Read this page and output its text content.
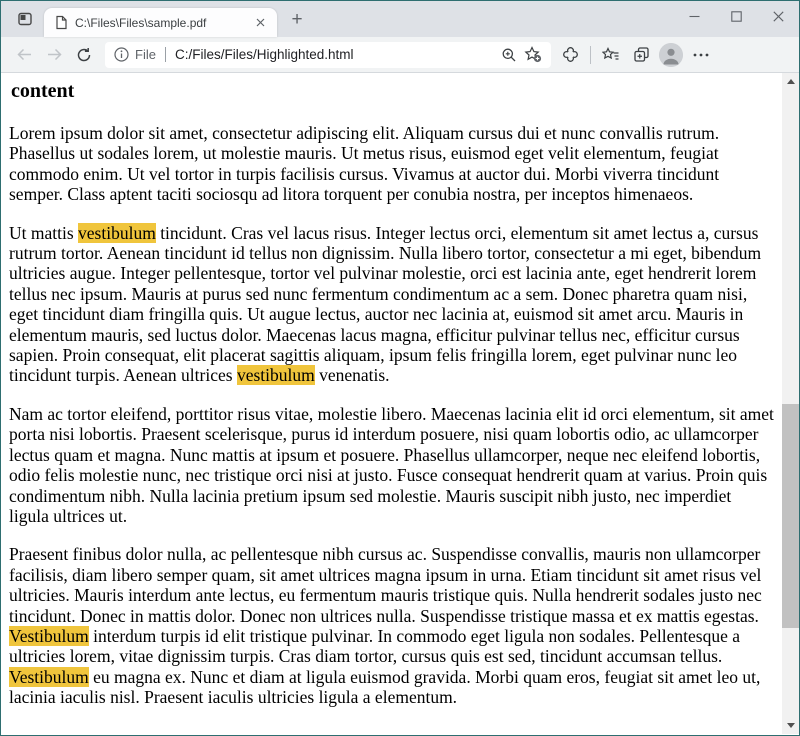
C:\Files\Files\sample.pdf	+
File C:/Files/Files/Highlighted.html
content

Lorem ipsum dolor sit amet, consectetur adipiscing elit. Aliquam cursus dui et nunc convallis rutrum. Phasellus ut sodales lorem, ut molestie mauris. Ut metus risus, euismod eget velit elementum, feugiat commodo enim. Ut vel tortor in turpis facilisis cursus. Vivamus at auctor dui. Morbi viverra tincidunt semper. Class aptent taciti sociosqu ad litora torquent per conubia nostra, per inceptos himenaeos.

Ut mattis vestibulum tincidunt. Cras vel lacus risus. Integer lectus orci, elementum sit amet lectus a, cursus rutrum tortor. Aenean tincidunt id tellus non dignissim. Nulla libero tortor, consectetur a mi eget, bibendum ultricies augue. Integer pellentesque, tortor vel pulvinar molestie, orci est lacinia ante, eget hendrerit lorem tellus nec ipsum. Mauris at purus sed nunc fermentum condimentum ac a sem. Donec pharetra quam nisi, eget tincidunt diam fringilla quis. Ut augue lectus, auctor nec lacinia at, euismod sit amet arcu. Mauris in elementum mauris, sed luctus dolor. Maecenas lacus magna, efficitur pulvinar tellus nec, efficitur cursus sapien. Proin consequat, elit placerat sagittis aliquam, ipsum felis fringilla lorem, eget pulvinar nunc leo tincidunt turpis. Aenean ultrices vestibulum venenatis.

Nam ac tortor eleifend, porttitor risus vitae, molestie libero. Maecenas lacinia elit id orci elementum, sit amet porta nisi lobortis. Praesent scelerisque, purus id interdum posuere, nisi quam lobortis odio, ac ullamcorper lectus quam et magna. Nunc mattis at ipsum et posuere. Phasellus ullamcorper, neque nec eleifend lobortis, odio felis molestie nunc, nec tristique orci nisi at justo. Fusce consequat hendrerit quam at varius. Proin quis condimentum nibh. Nulla lacinia pretium ipsum sed molestie. Mauris suscipit nibh justo, nec imperdiet ligula ultrices ut.

Praesent finibus dolor nulla, ac pellentesque nibh cursus ac. Suspendisse convallis, mauris non ullamcorper facilisis, diam libero semper quam, sit amet ultrices magna ipsum in urna. Etiam tincidunt sit amet risus vel ultricies. Mauris interdum ante lectus, eu fermentum mauris tristique quis. Nulla hendrerit sodales justo nec tincidunt. Donec in mattis dolor. Donec non ultrices nulla. Suspendisse tristique massa et ex mattis egestas. Vestibulum interdum turpis id elit tristique pulvinar. In commodo eget ligula non sodales. Pellentesque a ultricies lorem, vitae dignissim turpis. Cras diam tortor, cursus quis est sed, tincidunt accumsan tellus. Vestibulum eu magna ex. Nunc et diam at ligula euismod gravida. Morbi quam eros, feugiat sit amet leo ut, lacinia iaculis nisl. Praesent iaculis ultricies ligula a elementum.
